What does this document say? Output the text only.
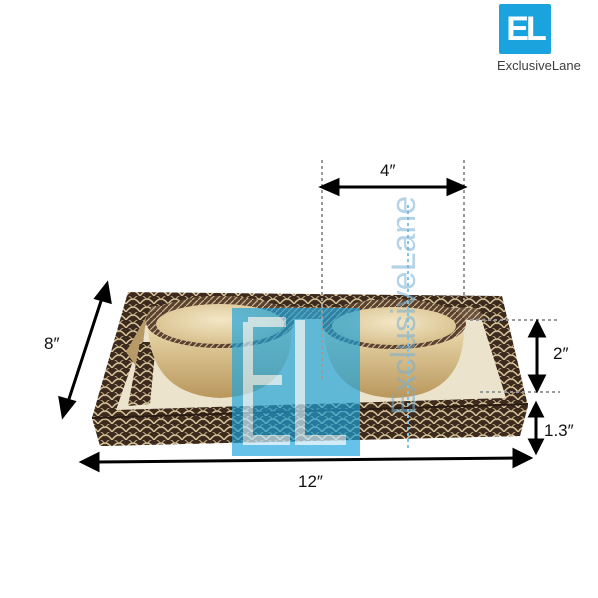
EL
ExclusiveLane
ExclusiveLane
4″
8″
2″
1.3″
12″
